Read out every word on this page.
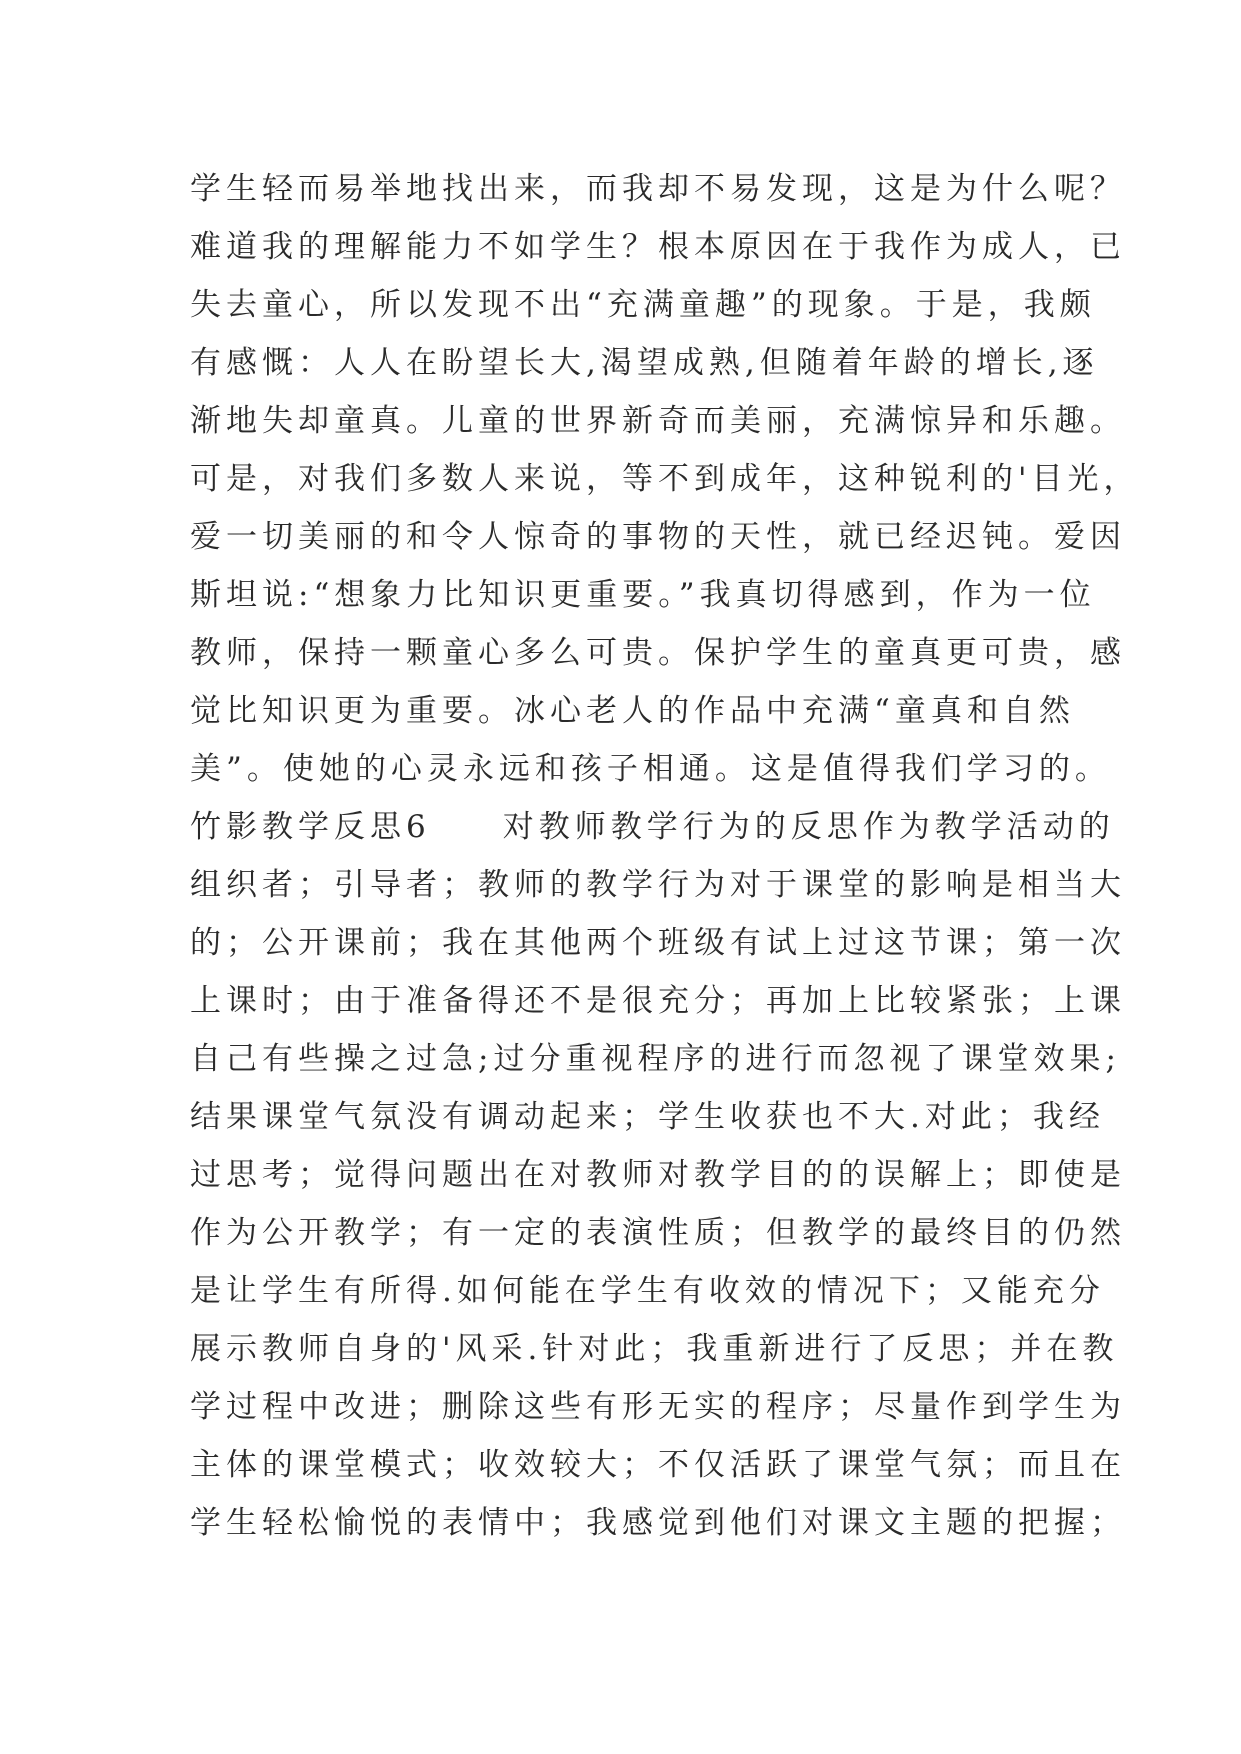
学生轻而易举地找出来，而我却不易发现，这是为什么呢？
难道我的理解能力不如学生？根本原因在于我作为成人，已
失去童心，所以发现不出“充满童趣”的现象。于是，我颇
有感慨：人人在盼望长大,渴望成熟,但随着年龄的增长,逐
渐地失却童真。儿童的世界新奇而美丽，充满惊异和乐趣。
可是，对我们多数人来说，等不到成年，这种锐利的'目光，
爱一切美丽的和令人惊奇的事物的天性，就已经迟钝。爱因
斯坦说:“想象力比知识更重要。”我真切得感到，作为一位
教师，保持一颗童心多么可贵。保护学生的童真更可贵，感
觉比知识更为重要。冰心老人的作品中充满“童真和自然
美”。使她的心灵永远和孩子相通。这是值得我们学习的。
竹影教学反思6　　对教师教学行为的反思作为教学活动的
组织者；引导者；教师的教学行为对于课堂的影响是相当大
的；公开课前；我在其他两个班级有试上过这节课；第一次
上课时；由于准备得还不是很充分；再加上比较紧张；上课
自己有些操之过急;过分重视程序的进行而忽视了课堂效果;
结果课堂气氛没有调动起来；学生收获也不大.对此；我经
过思考；觉得问题出在对教师对教学目的的误解上；即使是
作为公开教学；有一定的表演性质；但教学的最终目的仍然
是让学生有所得.如何能在学生有收效的情况下；又能充分
展示教师自身的'风采.针对此；我重新进行了反思；并在教
学过程中改进；删除这些有形无实的程序；尽量作到学生为
主体的课堂模式；收效较大；不仅活跃了课堂气氛；而且在
学生轻松愉悦的表情中；我感觉到他们对课文主题的把握；
